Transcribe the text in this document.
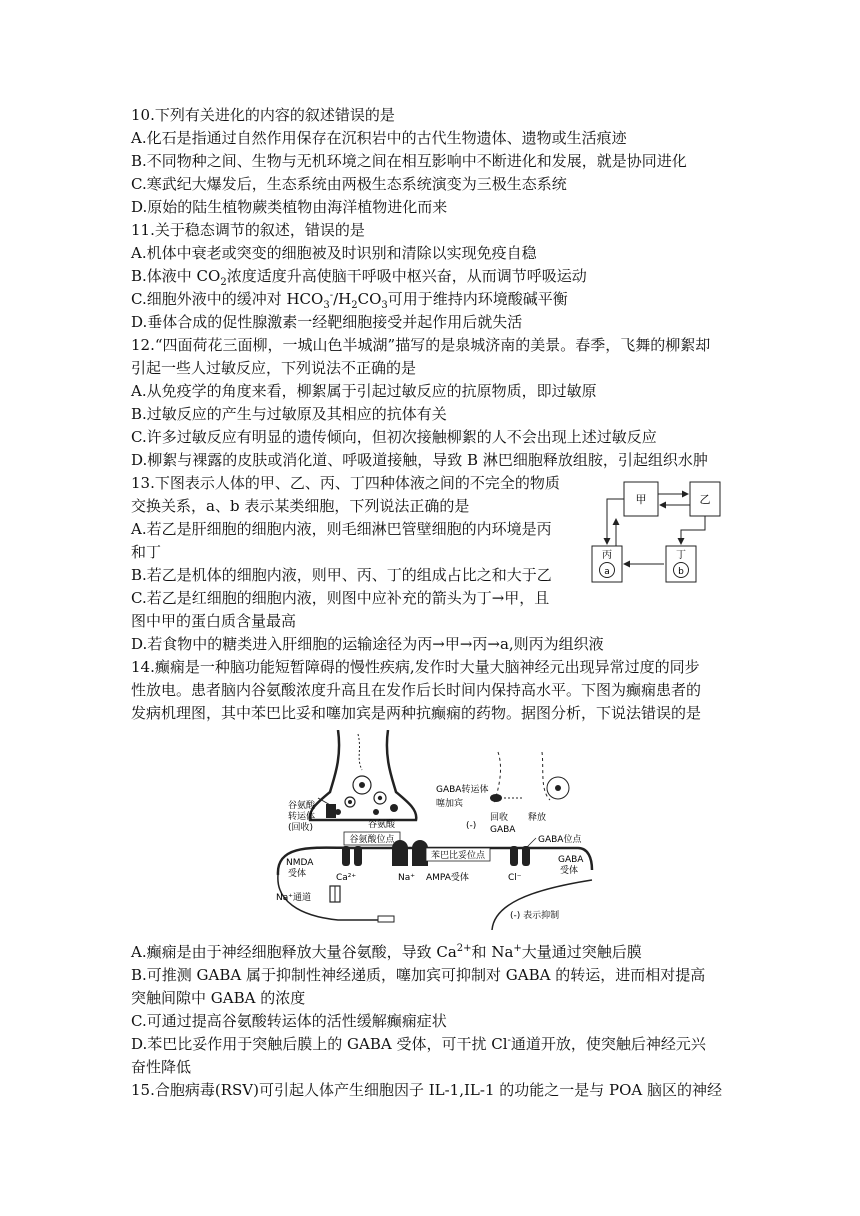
10.下列有关进化的内容的叙述错误的是
A.化石是指通过自然作用保存在沉积岩中的古代生物遗体、遗物或生活痕迹
B.不同物种之间、生物与无机环境之间在相互影响中不断进化和发展，就是协同进化
C.寒武纪大爆发后，生态系统由两极生态系统演变为三极生态系统
D.原始的陆生植物蕨类植物由海洋植物进化而来
11.关于稳态调节的叙述，错误的是
A.机体中衰老或突变的细胞被及时识别和清除以实现免疫自稳
B.体液中 $CO_2$浓度适度升高使脑干呼吸中枢兴奋，从而调节呼吸运动
C.细胞外液中的缓冲对 $HCO_3^-/H_2CO_3$可用于维持内环境酸碱平衡
D.垂体合成的促性腺激素一经靶细胞接受并起作用后就失活
12.“四面荷花三面柳，一城山色半城湖”描写的是泉城济南的美景。春季，飞舞的柳絮却
引起一些人过敏反应，下列说法不正确的是
A.从免疫学的角度来看，柳絮属于引起过敏反应的抗原物质，即过敏原
B.过敏反应的产生与过敏原及其相应的抗体有关
C.许多过敏反应有明显的遗传倾向，但初次接触柳絮的人不会出现上述过敏反应
D.柳絮与裸露的皮肤或消化道、呼吸道接触，导致 B 淋巴细胞释放组胺，引起组织水肿
13.下图表示人体的甲、乙、丙、丁四种体液之间的不完全的物质
交换关系，a、b 表示某类细胞，下列说法正确的是
A.若乙是肝细胞的细胞内液，则毛细淋巴管壁细胞的内环境是丙
和丁
B.若乙是机体的细胞内液，则甲、丙、丁的组成占比之和大于乙
C.若乙是红细胞的细胞内液，则图中应补充的箭头为丁→甲，且
图中甲的蛋白质含量最高
D.若食物中的糖类进入肝细胞的运输途径为丙→甲→丙→a,则丙为组织液
甲	乙
丙	丁
a	b
14.癫痫是一种脑功能短暂障碍的慢性疾病,发作时大量大脑神经元出现异常过度的同步
性放电。患者脑内谷氨酸浓度升高且在发作后长时间内保持高水平。下图为癫痫患者的
发病机理图，其中苯巴比妥和噻加宾是两种抗癫痫的药物。据图分析，下说法错误的是
谷氨酸
转运体
(回收)	谷氨酸
谷氨酸位点
GABA转运体
噻加宾
(-)
回收 释放
GABA
GABA位点
NMDA
受体	Ca²⁺	Na⁺
苯巴比妥位点
AMPA受体	Cl⁻
GABA
受体
Na⁺通道
(-) 表示抑制
A.癫痫是由于神经细胞释放大量谷氨酸，导致 $Ca^{2+}$和 Na+大量通过突触后膜
B.可推测 GABA 属于抑制性神经递质，噻加宾可抑制对 GABA 的转运，进而相对提高
突触间隙中 GABA 的浓度
C.可通过提高谷氨酸转运体的活性缓解癫痫症状
D.苯巴比妥作用于突触后膜上的 GABA 受体，可干扰 Cl-通道开放，使突触后神经元兴
奋性降低
15.合胞病毒(RSV)可引起人体产生细胞因子 IL-1,IL-1 的功能之一是与 POA 脑区的神经
